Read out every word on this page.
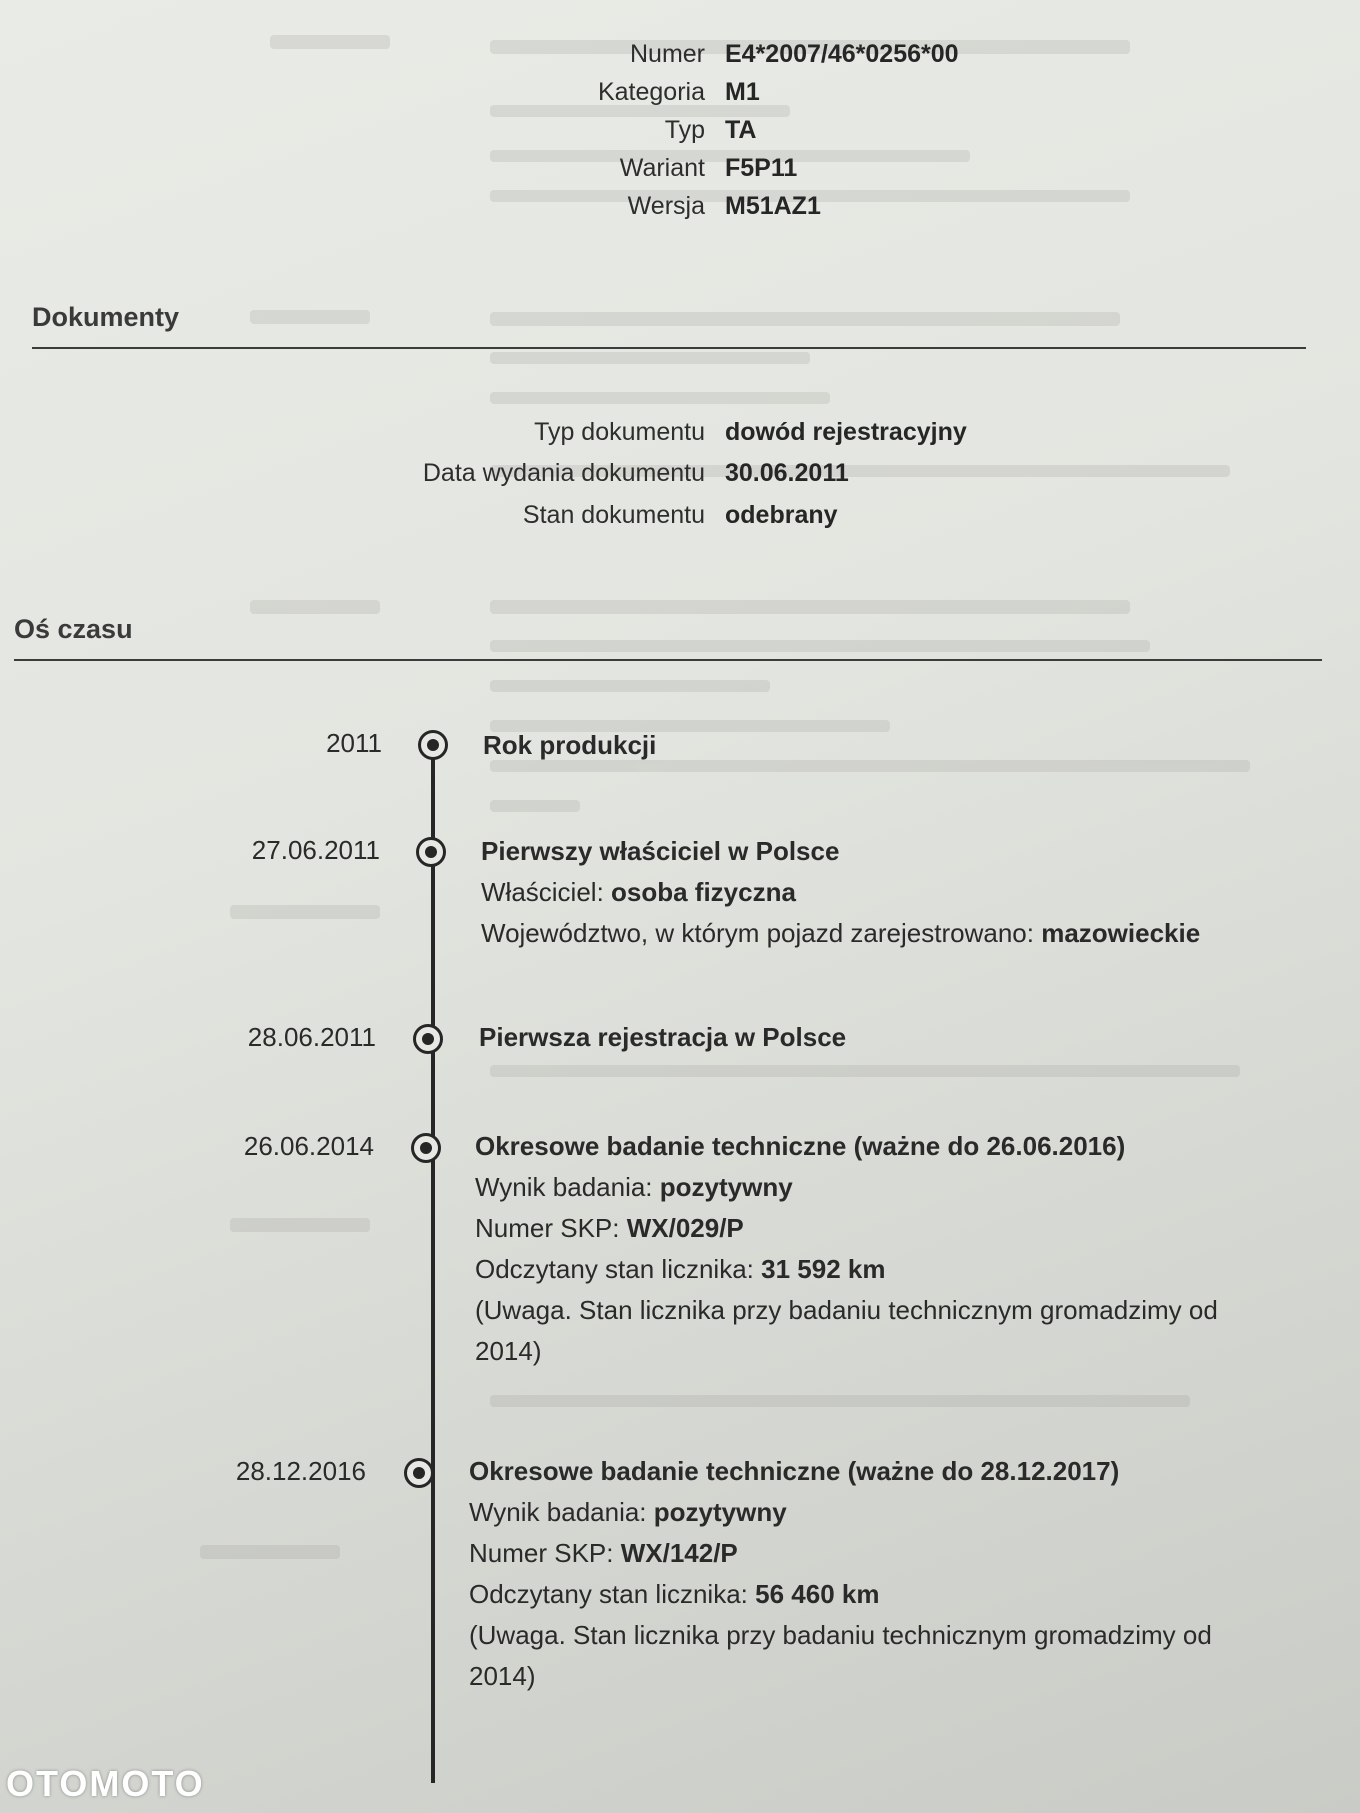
Numer E4*2007/46*0256*00
Kategoria M1
Typ TA
Wariant F5P11
Wersja M51AZ1
Dokumenty
Typ dokumentu dowód rejestracyjny
Data wydania dokumentu 30.06.2011
Stan dokumentu odebrany
Oś czasu
2011	Rok produkcji
27.06.2011	Pierwszy właściciel w Polsce
Właściciel: osoba fizyczna
Województwo, w którym pojazd zarejestrowano: mazowieckie
28.06.2011	Pierwsza rejestracja w Polsce
26.06.2014	Okresowe badanie techniczne (ważne do 26.06.2016)
Wynik badania: pozytywny
Numer SKP: WX/029/P
Odczytany stan licznika: 31 592 km
(Uwaga. Stan licznika przy badaniu technicznym gromadzimy od
2014)
28.12.2016	Okresowe badanie techniczne (ważne do 28.12.2017)
Wynik badania: pozytywny
Numer SKP: WX/142/P
Odczytany stan licznika: 56 460 km
(Uwaga. Stan licznika przy badaniu technicznym gromadzimy od
2014)
OTOMOTO
